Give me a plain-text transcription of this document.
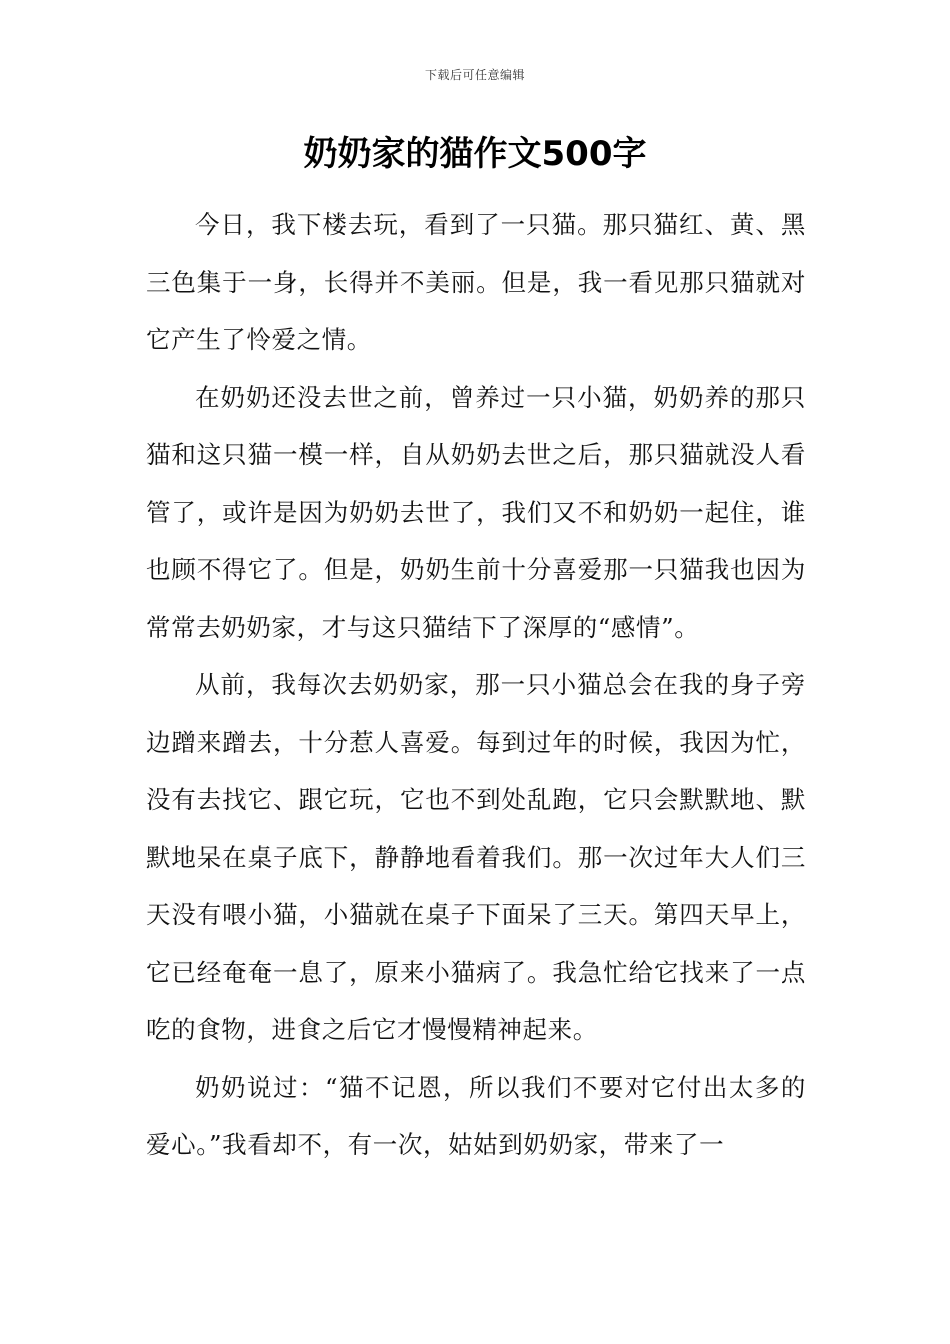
下载后可任意编辑
奶奶家的猫作文500字

今日，我下楼去玩，看到了一只猫。那只猫红、黄、黑三色集于一身，长得并不美丽。但是，我一看见那只猫就对它产生了怜爱之情。

在奶奶还没去世之前，曾养过一只小猫，奶奶养的那只猫和这只猫一模一样，自从奶奶去世之后，那只猫就没人看管了，或许是因为奶奶去世了，我们又不和奶奶一起住，谁也顾不得它了。但是，奶奶生前十分喜爱那一只猫我也因为常常去奶奶家，才与这只猫结下了深厚的“感情”。

从前，我每次去奶奶家，那一只小猫总会在我的身子旁边蹭来蹭去，十分惹人喜爱。每到过年的时候，我因为忙，没有去找它、跟它玩，它也不到处乱跑，它只会默默地、默默地呆在桌子底下，静静地看着我们。那一次过年大人们三天没有喂小猫，小猫就在桌子下面呆了三天。第四天早上，它已经奄奄一息了，原来小猫病了。我急忙给它找来了一点吃的食物，进食之后它才慢慢精神起来。

奶奶说过：“猫不记恩，所以我们不要对它付出太多的爱心。”我看却不，有一次，姑姑到奶奶家，带来了一
